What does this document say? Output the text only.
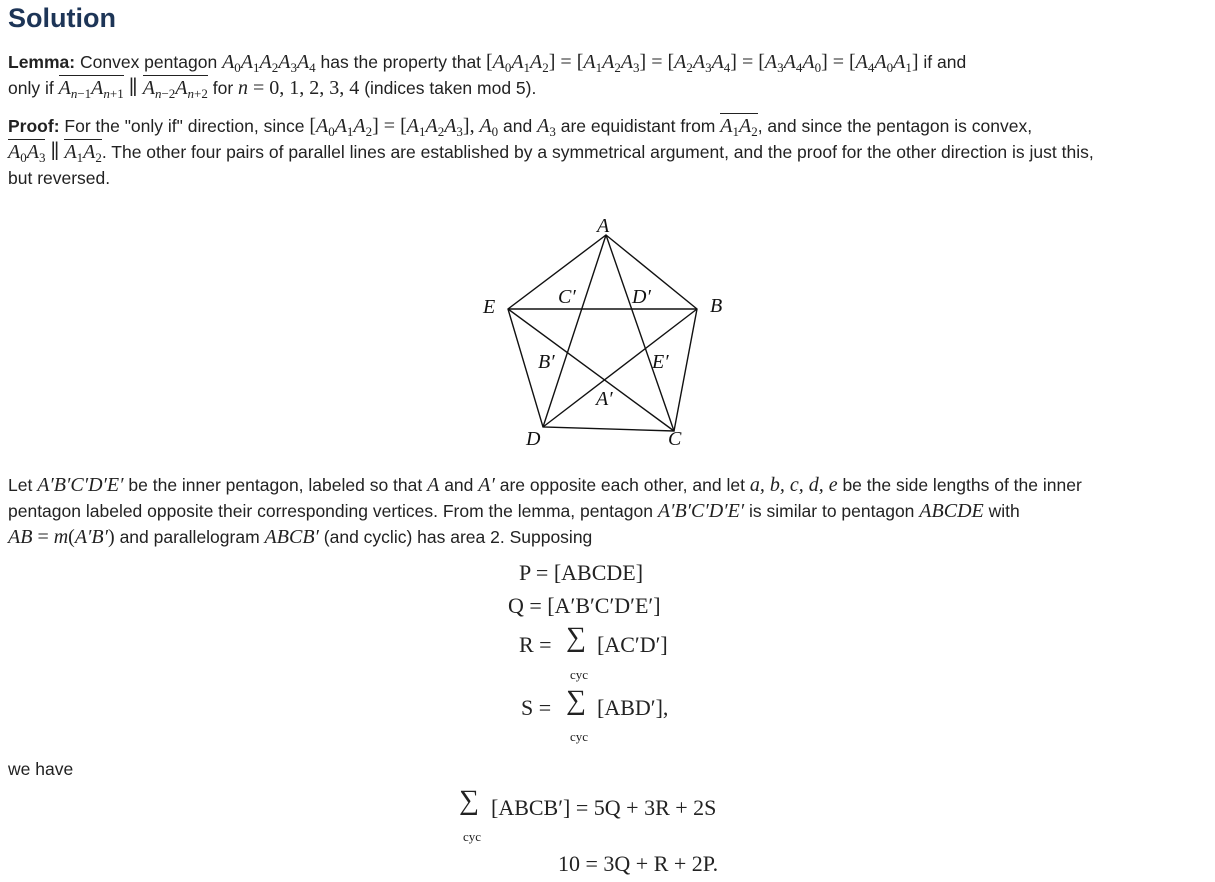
Solution
Lemma: Convex pentagon $A_0A_1A_2A_3A_4$ has the property that $[A_0A_1A_2] = [A_1A_2A_3] = [A_2A_3A_4] = [A_3A_4A_0] = [A_4A_0A_1]$ if and
only if $A_{n-1}A_{n+1}$ ∥ $A_{n-2}A_{n+2}$ for n = 0, 1, 2, 3, 4 (indices taken mod 5).
Proof: For the "only if" direction, since $[A_0A_1A_2] = [A_1A_2A_3]$, $A_0$ and $A_3$ are equidistant from $A_1A_2$, and since the pentagon is convex,
$A_0A_3$ ∥ $A_1A_2$. The other four pairs of parallel lines are established by a symmetrical argument, and the proof for the other direction is just this,
but reversed.
A
B
C
D
E
A′
B′
C′	D′
E′
Let A′B′C′D′E′ be the inner pentagon, labeled so that A and A′ are opposite each other, and let a, b, c, d, e be the side lengths of the inner
pentagon labeled opposite their corresponding vertices. From the lemma, pentagon A′B′C′D′E′ is similar to pentagon ABCDE with
AB = m(A′B′) and parallelogram ABCB′ (and cyclic) has area 2. Supposing
P = [ABCDE]
Q = [A′B′C′D′E′]
R = ∑
cyc
[AC′D′]
S = ∑
cyc
[ABD′],
we have
∑
cyc
[ABCB′] = 5Q + 3R + 2S
10 = 3Q + R + 2P.
